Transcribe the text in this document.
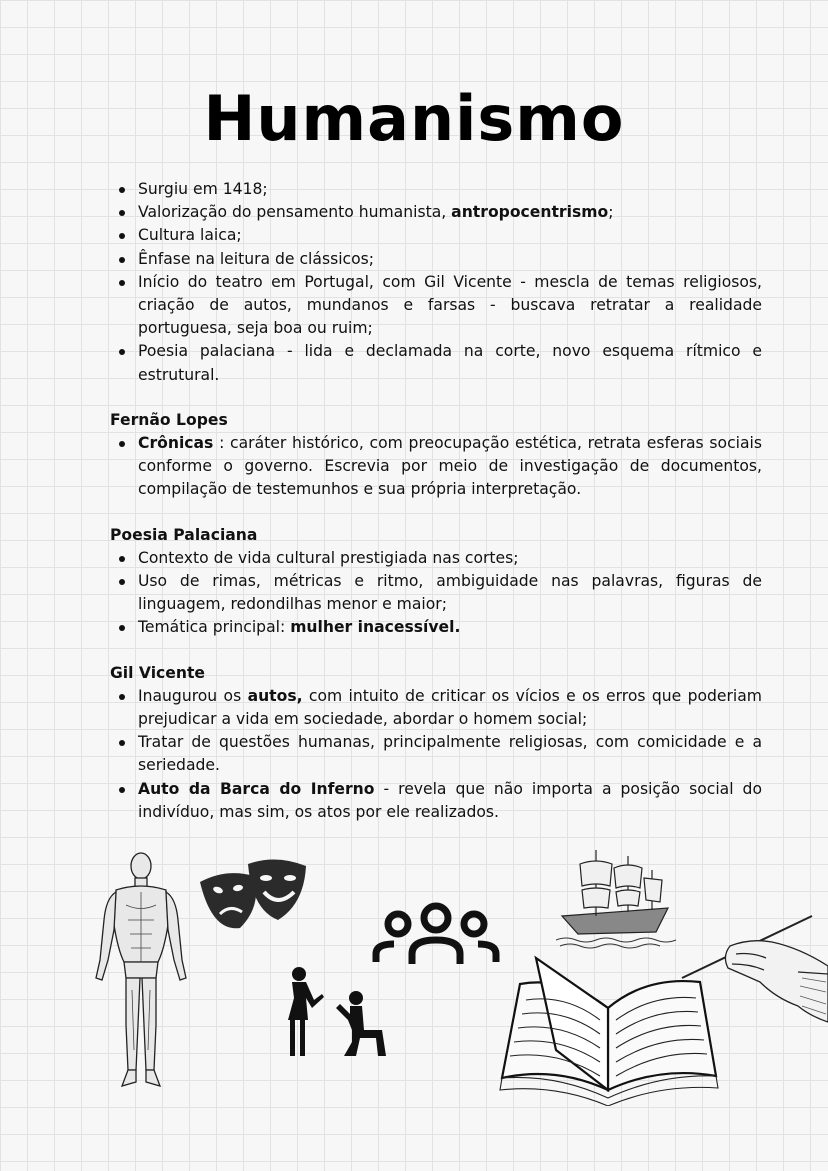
Humanismo
Surgiu em 1418;
Valorização do pensamento humanista, antropocentrismo;
Cultura laica;
Ênfase na leitura de clássicos;
Início do teatro em Portugal, com Gil Vicente - mescla de temas religiosos, criação de autos, mundanos e farsas - buscava retratar a realidade portuguesa, seja boa ou ruim;
Poesia palaciana - lida e declamada na corte, novo esquema rítmico e estrutural.

Fernão Lopes

Crônicas : caráter histórico, com preocupação estética, retrata esferas sociais conforme o governo. Escrevia por meio de investigação de documentos, compilação de testemunhos e sua própria interpretação.

Poesia Palaciana

Contexto de vida cultural prestigiada nas cortes;
Uso de rimas, métricas e ritmo, ambiguidade nas palavras, figuras de linguagem, redondilhas menor e maior;
Temática principal: mulher inacessível.

Gil Vicente

Inaugurou os autos, com intuito de criticar os vícios e os erros que poderiam prejudicar a vida em sociedade, abordar o homem social;
Tratar de questões humanas, principalmente religiosas, com comicidade e a seriedade.
Auto da Barca do Inferno - revela que não importa a posição social do indivíduo, mas sim, os atos por ele realizados.
